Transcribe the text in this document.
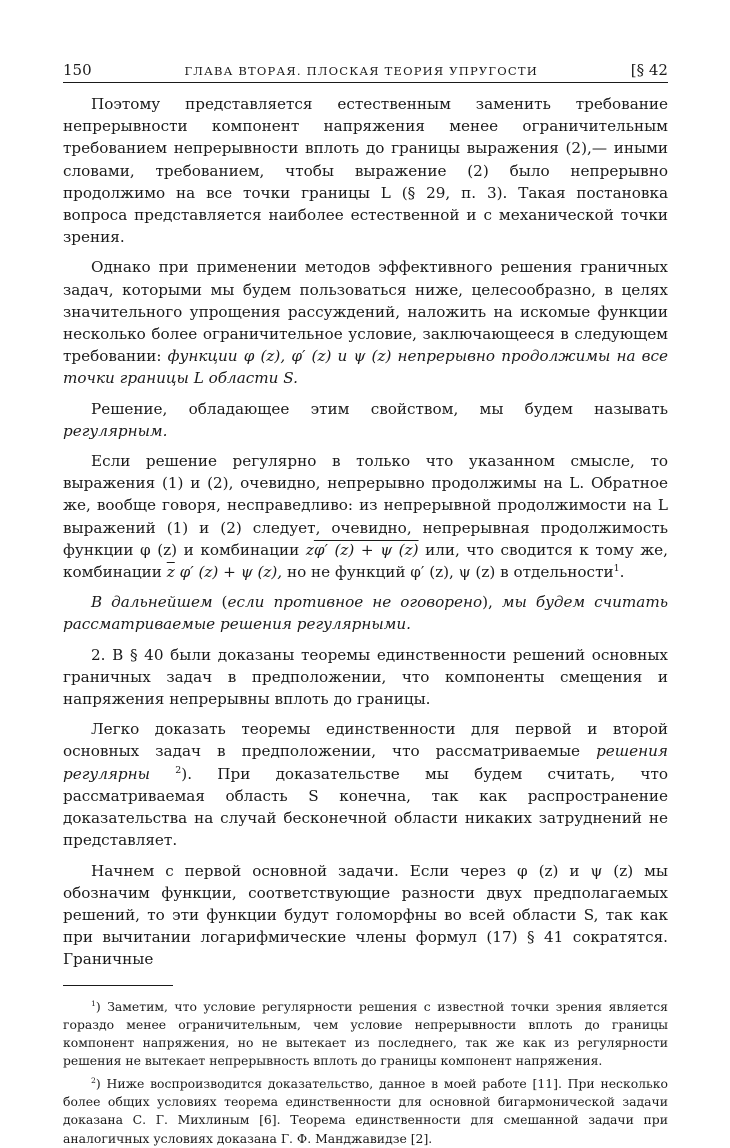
150	ГЛАВА ВТОРАЯ. ПЛОСКАЯ ТЕОРИЯ УПРУГОСТИ	[§ 42

Поэтому представляется естественным заменить требование непрерывности компонент напряжения менее ограничительным требованием непрерывности вплоть до границы выражения (2),— иными словами, требованием, чтобы выражение (2) было непрерывно продолжимо на все точки границы L (§ 29, п. 3). Такая постановка вопроса представляется наиболее естественной и с механической точки зрения.

Однако при применении методов эффективного решения граничных задач, которыми мы будем пользоваться ниже, целесообразно, в целях значительного упрощения рассуждений, наложить на искомые функции несколько более ограничительное условие, заключающееся в следующем требовании: функции φ (z), φ′ (z) и ψ (z) непрерывно продолжимы на все точки границы L области S.

Решение, обладающее этим свойством, мы будем называть регулярным.

Если решение регулярно в только что указанном смысле, то выражения (1) и (2), очевидно, непрерывно продолжимы на L. Обратное же, вообще говоря, несправедливо: из непрерывной продолжимости на L выражений (1) и (2) следует, очевидно, непрерывная продолжимость функции φ (z) и комбинации zφ′ (z) + ψ (z) или, что сводится к тому же, комбинации $\overline{z}$ φ′ (z) + ψ (z), но не функций φ′ (z), ψ (z) в отдельности$^1$.

В дальнейшем (если противное не оговорено), мы будем считать рассматриваемые решения регулярными.

2. В § 40 были доказаны теоремы единственности решений основных граничных задач в предположении, что компоненты смещения и напряжения непрерывны вплоть до границы.

Легко доказать теоремы единственности для первой и второй основных задач в предположении, что рассматриваемые решения регулярны	$^2$). При доказательстве мы будем считать, что рассматриваемая область S конечна, так как распространение доказательства на случай бесконечной области никаких затруднений не представляет.

Начнем с первой основной задачи. Если через φ (z) и ψ (z) мы обозначим функции, соответствующие разности двух предполагаемых решений, то эти функции будут голоморфны во всей области S, так как при вычитании логарифмические члены формул (17) § 41 сократятся. Граничные

$^1$) Заметим, что условие регулярности решения с известной точки зрения является гораздо менее ограничительным, чем условие непрерывности вплоть до границы компонент напряжения, но не вытекает из последнего, так же как из регулярности решения не вытекает непрерывность вплоть до границы компонент напряжения.

$^2$) Ниже воспроизводится доказательство, данное в моей работе [11]. При несколько более общих условиях теорема единственности для основной бигармонической задачи доказана С. Г. Михлиным [6]. Теорема единственности для смешанной задачи при аналогичных условиях доказана Г. Ф. Манджавидзе [2].
